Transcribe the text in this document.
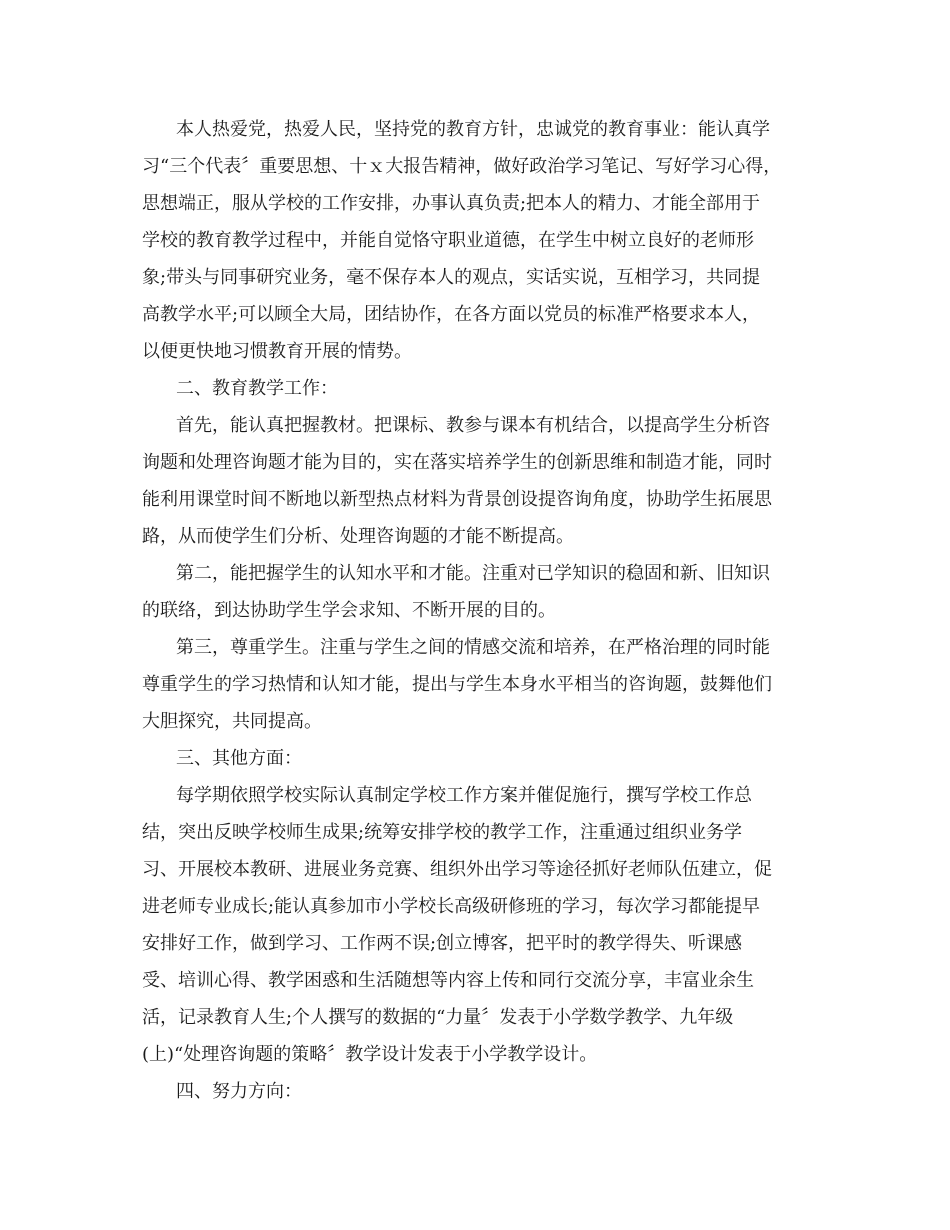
本人热爱党，热爱人民，坚持党的教育方针，忠诚党的教育事业：能认真学
习“三个代表〞重要思想、十ｘ大报告精神，做好政治学习笔记、写好学习心得，
思想端正，服从学校的工作安排，办事认真负责;把本人的精力、才能全部用于
学校的教育教学过程中，并能自觉恪守职业道德，在学生中树立良好的老师形
象;带头与同事研究业务，毫不保存本人的观点，实话实说，互相学习，共同提
高教学水平;可以顾全大局，团结协作，在各方面以党员的标准严格要求本人，
以便更快地习惯教育开展的情势。
二、教育教学工作：
首先，能认真把握教材。把课标、教参与课本有机结合，以提高学生分析咨
询题和处理咨询题才能为目的，实在落实培养学生的创新思维和制造才能，同时
能利用课堂时间不断地以新型热点材料为背景创设提咨询角度，协助学生拓展思
路，从而使学生们分析、处理咨询题的才能不断提高。
第二，能把握学生的认知水平和才能。注重对已学知识的稳固和新、旧知识
的联络，到达协助学生学会求知、不断开展的目的。
第三，尊重学生。注重与学生之间的情感交流和培养，在严格治理的同时能
尊重学生的学习热情和认知才能，提出与学生本身水平相当的咨询题，鼓舞他们
大胆探究，共同提高。
三、其他方面：
每学期依照学校实际认真制定学校工作方案并催促施行，撰写学校工作总
结，突出反映学校师生成果;统筹安排学校的教学工作，注重通过组织业务学
习、开展校本教研、进展业务竞赛、组织外出学习等途径抓好老师队伍建立，促
进老师专业成长;能认真参加市小学校长高级研修班的学习，每次学习都能提早
安排好工作，做到学习、工作两不误;创立博客，把平时的教学得失、听课感
受、培训心得、教学困惑和生活随想等内容上传和同行交流分享，丰富业余生
活，记录教育人生;个人撰写的数据的“力量〞发表于小学数学教学、九年级
(上)“处理咨询题的策略〞教学设计发表于小学教学设计。
四、努力方向：
